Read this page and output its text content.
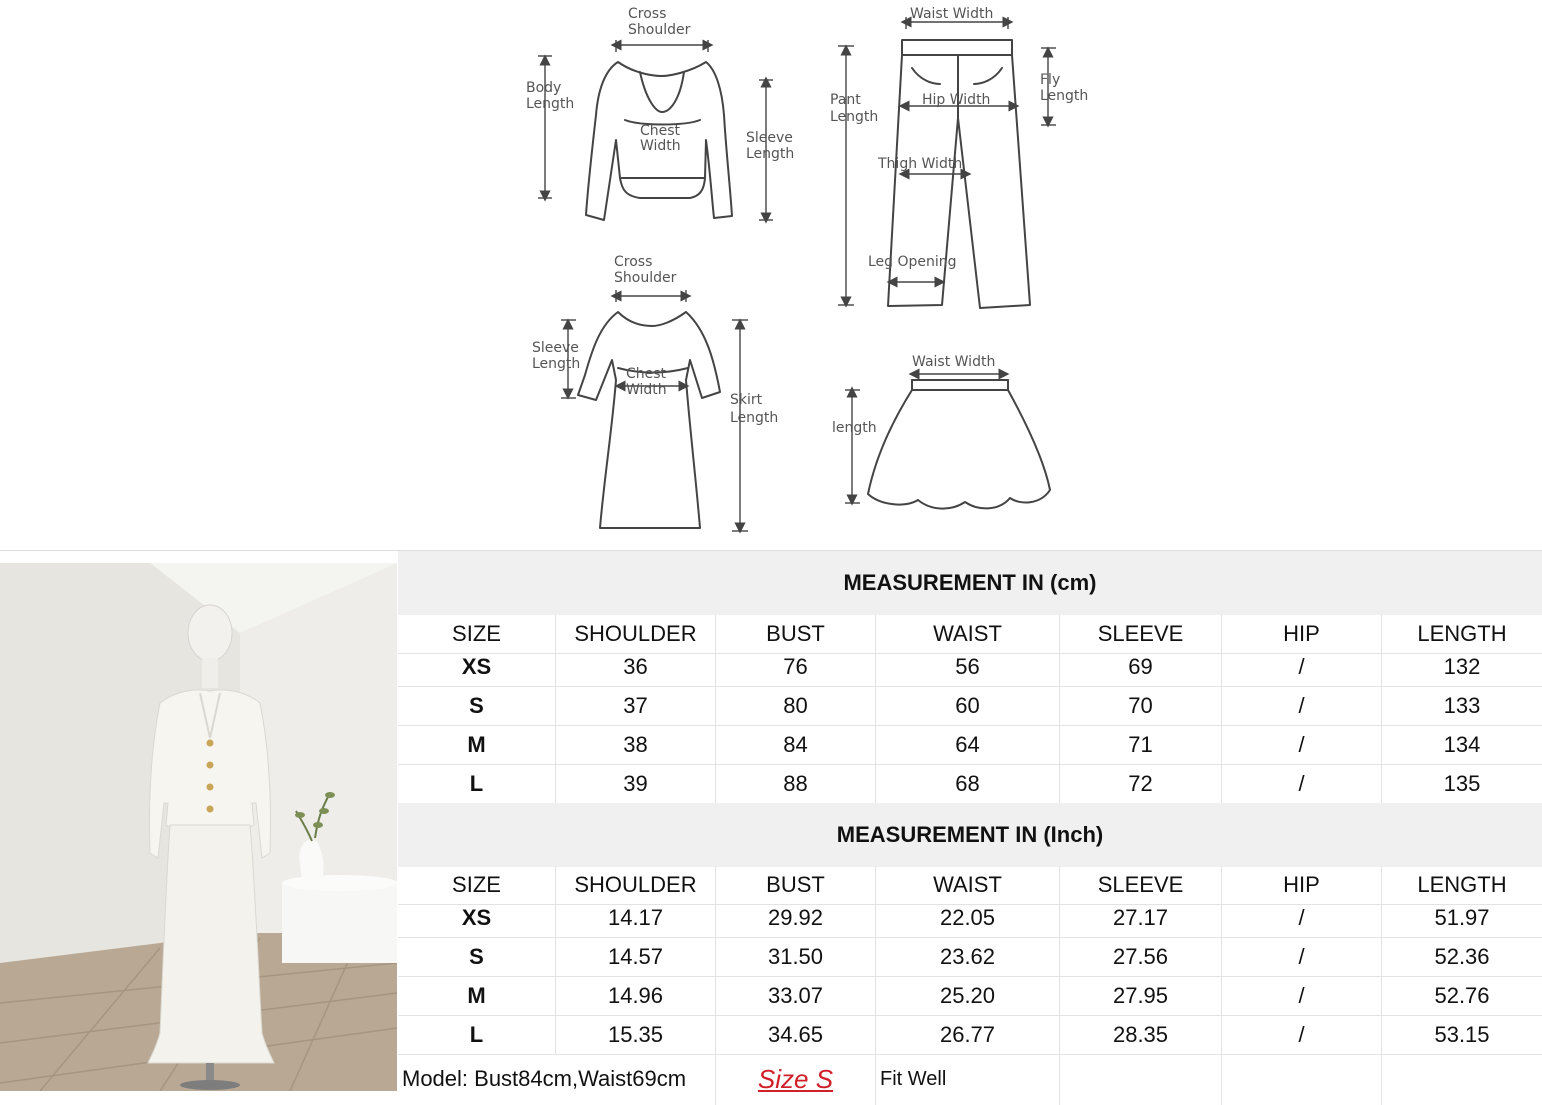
Cross
Shoulder
Body
Length
Chest
Width	Sleeve
Length
Waist Width
Fly
Length
Pant
Length
Hip Width
Thigh Width
Leg Opening
Cross
Shoulder
Sleeve
Length
Chest
Width
Skirt
Length
Waist Width
length
MEASUREMENT IN (cm)
SIZE	SHOULDER	BUST	WAIST	SLEEVE	HIP	LENGTH
XS	36	76	56	69	/	132
S	37	80	60	70	/	133
M	38	84	64	71	/	134
L	39	88	68	72	/	135
MEASUREMENT IN (Inch)
SIZE	SHOULDER	BUST	WAIST	SLEEVE	HIP	LENGTH
XS	14.17	29.92	22.05	27.17	/	51.97
S	14.57	31.50	23.62	27.56	/	52.36
M	14.96	33.07	25.20	27.95	/	52.76
L	15.35	34.65	26.77	28.35	/	53.15
Model: Bust84cm,Waist69cm	Size S	Fit Well
